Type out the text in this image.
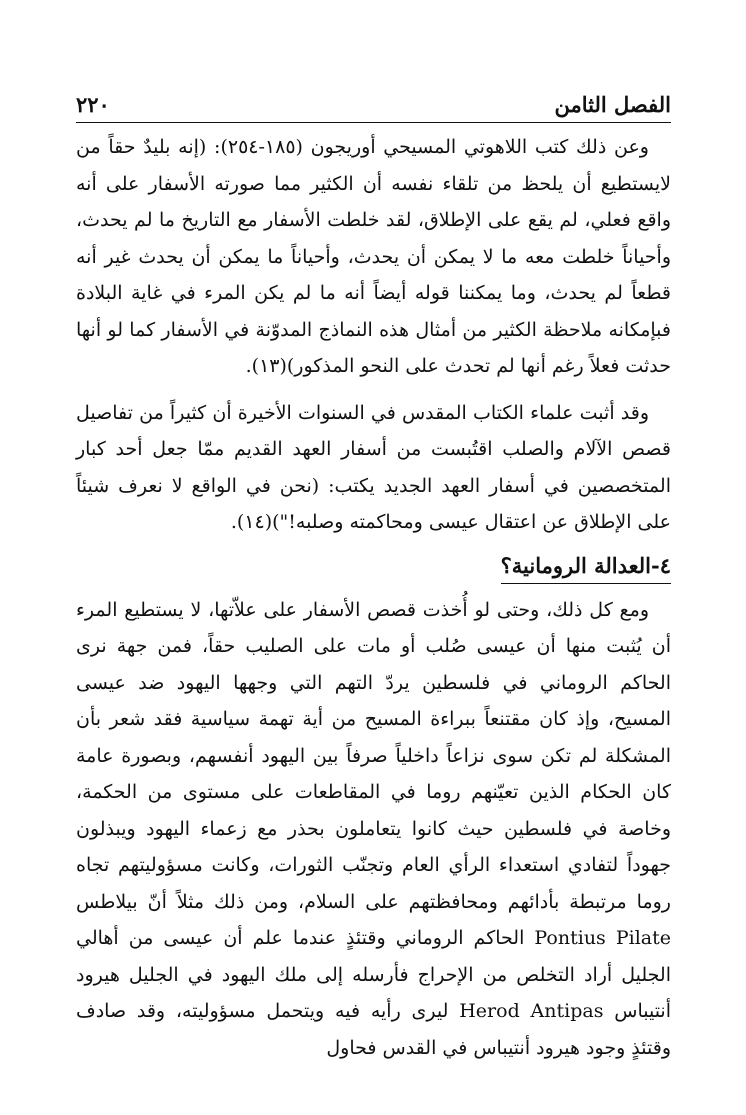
الفصل الثامن
٢٢٠

وعن ذلك كتب اللاهوتي المسيحي أوريجون (١٨٥-٢٥٤): (إنه بليدٌ حقاً من لايستطيع أن يلحظ من تلقاء نفسه أن الكثير مما صورته الأسفار على أنه واقع فعلي، لم يقع على الإطلاق، لقد خلطت الأسفار مع التاريخ ما لم يحدث، وأحياناً خلطت معه ما لا يمكن أن يحدث، وأحياناً ما يمكن أن يحدث غير أنه قطعاً لم يحدث، وما يمكننا قوله أيضاً أنه ما لم يكن المرء في غاية البلادة فبإمكانه ملاحظة الكثير من أمثال هذه النماذج المدوّنة في الأسفار كما لو أنها حدثت فعلاً رغم أنها لم تحدث على النحو المذكور)(١٣).

وقد أثبت علماء الكتاب المقدس في السنوات الأخيرة أن كثيراً من تفاصيل قصص الآلام والصلب اقتُبست من أسفار العهد القديم ممّا جعل أحد كبار المتخصصين في أسفار العهد الجديد يكتب: (نحن في الواقع لا نعرف شيئاً على الإطلاق عن اعتقال عيسى ومحاكمته وصلبه!")(١٤).

٤-العدالة الرومانية؟

ومع كل ذلك، وحتى لو أُخذت قصص الأسفار على علاّتها، لا يستطيع المرء أن يُثبت منها أن عيسى صُلب أو مات على الصليب حقاً، فمن جهة نرى الحاكم الروماني في فلسطين يردّ التهم التي وجهها اليهود ضد عيسى المسيح، وإذ كان مقتنعاً ببراءة المسيح من أية تهمة سياسية فقد شعر بأن المشكلة لم تكن سوى نزاعاً داخلياً صرفاً بين اليهود أنفسهم، وبصورة عامة كان الحكام الذين تعيّنهم روما في المقاطعات على مستوى من الحكمة، وخاصة في فلسطين حيث كانوا يتعاملون بحذر مع زعماء اليهود ويبذلون جهوداً لتفادي استعداء الرأي العام وتجنّب الثورات، وكانت مسؤوليتهم تجاه روما مرتبطة بأدائهم ومحافظتهم على السلام، ومن ذلك مثلاً أنّ بيلاطس Pontius Pilate الحاكم الروماني وقتئذٍ عندما علم أن عيسى من أهالي الجليل أراد التخلص من الإحراج فأرسله إلى ملك اليهود في الجليل هيرود أنتيباس Herod Antipas ليرى رأيه فيه ويتحمل مسؤوليته، وقد صادف وقتئذٍ وجود هيرود أنتيباس في القدس فحاول
